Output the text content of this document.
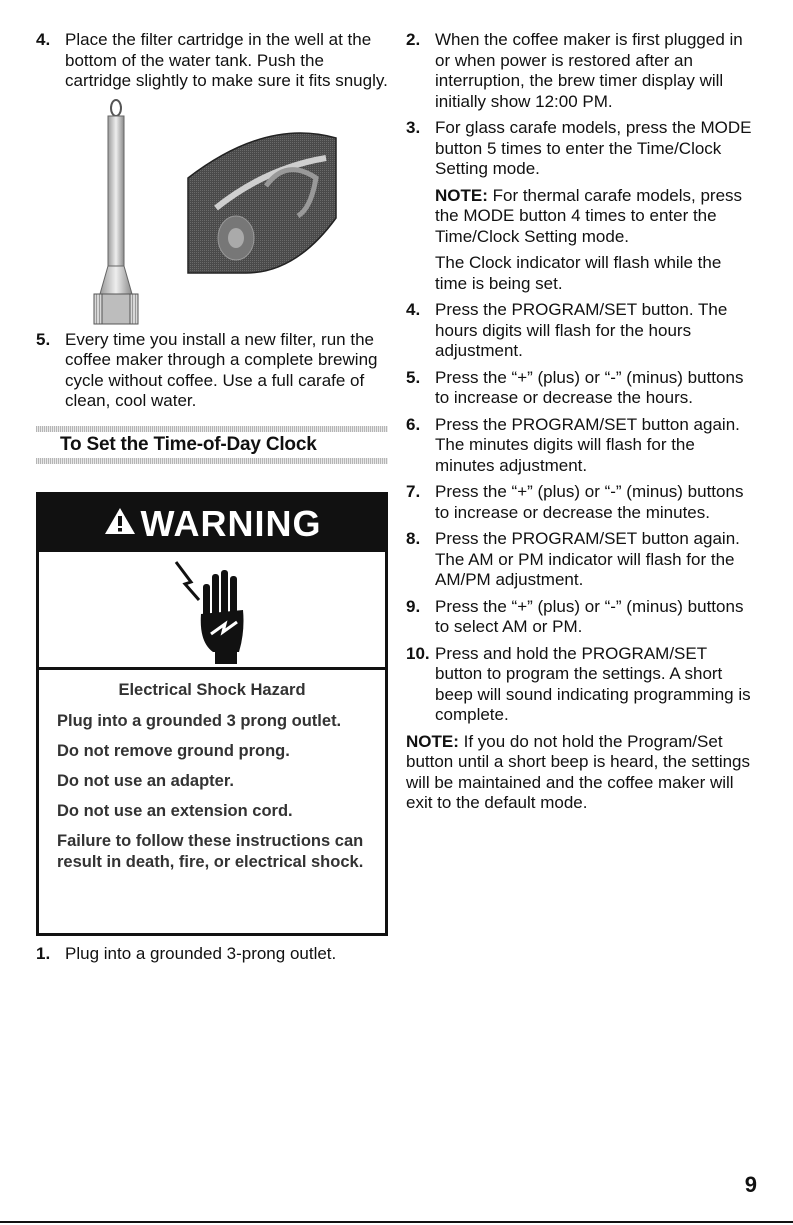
4. Place the filter cartridge in the well at the bottom of the water tank. Push the cartridge slightly to make sure it fits snugly.
5. Every time you install a new filter, run the coffee maker through a complete brewing cycle without coffee. Use a full carafe of clean, cool water.
To Set the Time-of-Day Clock
WARNING

Electrical Shock Hazard

Plug into a grounded 3 prong outlet.

Do not remove ground prong.

Do not use an adapter.

Do not use an extension cord.

Failure to follow these instructions can result in death, fire, or electrical shock.

1. Plug into a grounded 3-prong outlet.
2. When the coffee maker is first plugged in or when power is restored after an interruption, the brew timer display will initially show 12:00 PM.
3. For glass carafe models, press the MODE button 5 times to enter the Time/Clock Setting mode.
NOTE: For thermal carafe models, press the MODE button 4 times to enter the Time/Clock Setting mode.
The Clock indicator will flash while the time is being set.
4. Press the PROGRAM/SET button. The hours digits will flash for the hours adjustment.
5. Press the “+” (plus) or “-” (minus) buttons to increase or decrease the hours.
6. Press the PROGRAM/SET button again. The minutes digits will flash for the minutes adjustment.
7. Press the “+” (plus) or “-” (minus) buttons to increase or decrease the minutes.
8. Press the PROGRAM/SET button again. The AM or PM indicator will flash for the AM/PM adjustment.
9. Press the “+” (plus) or “-” (minus) buttons to select AM or PM.
10. Press and hold the PROGRAM/SET button to program the settings. A short beep will sound indicating programming is complete.
NOTE: If you do not hold the Program/Set button until a short beep is heard, the settings will be maintained and the coffee maker will exit to the default mode.
9
